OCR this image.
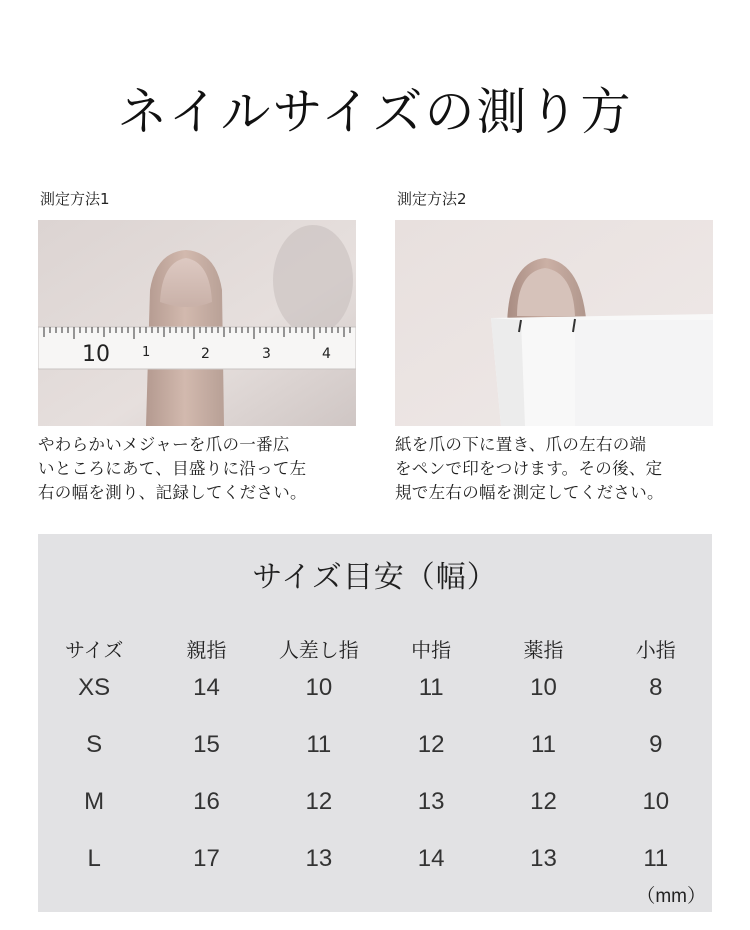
ネイルサイズの測り方
測定方法1
10 1	2	3	4
やわらかいメジャーを爪の一番広
いところにあて、目盛りに沿って左
右の幅を測り、記録してください。
測定方法2
紙を爪の下に置き、爪の左右の端
をペンで印をつけます。その後、定
規で左右の幅を測定してください。
サイズ目安（幅）
サイズ	親指	人差し指	中指	薬指	小指
XS	14	10	11	10	8
S	15	11	12	11	9
M	16	12	13	12	10
L	17	13	14	13	11
（mm）
